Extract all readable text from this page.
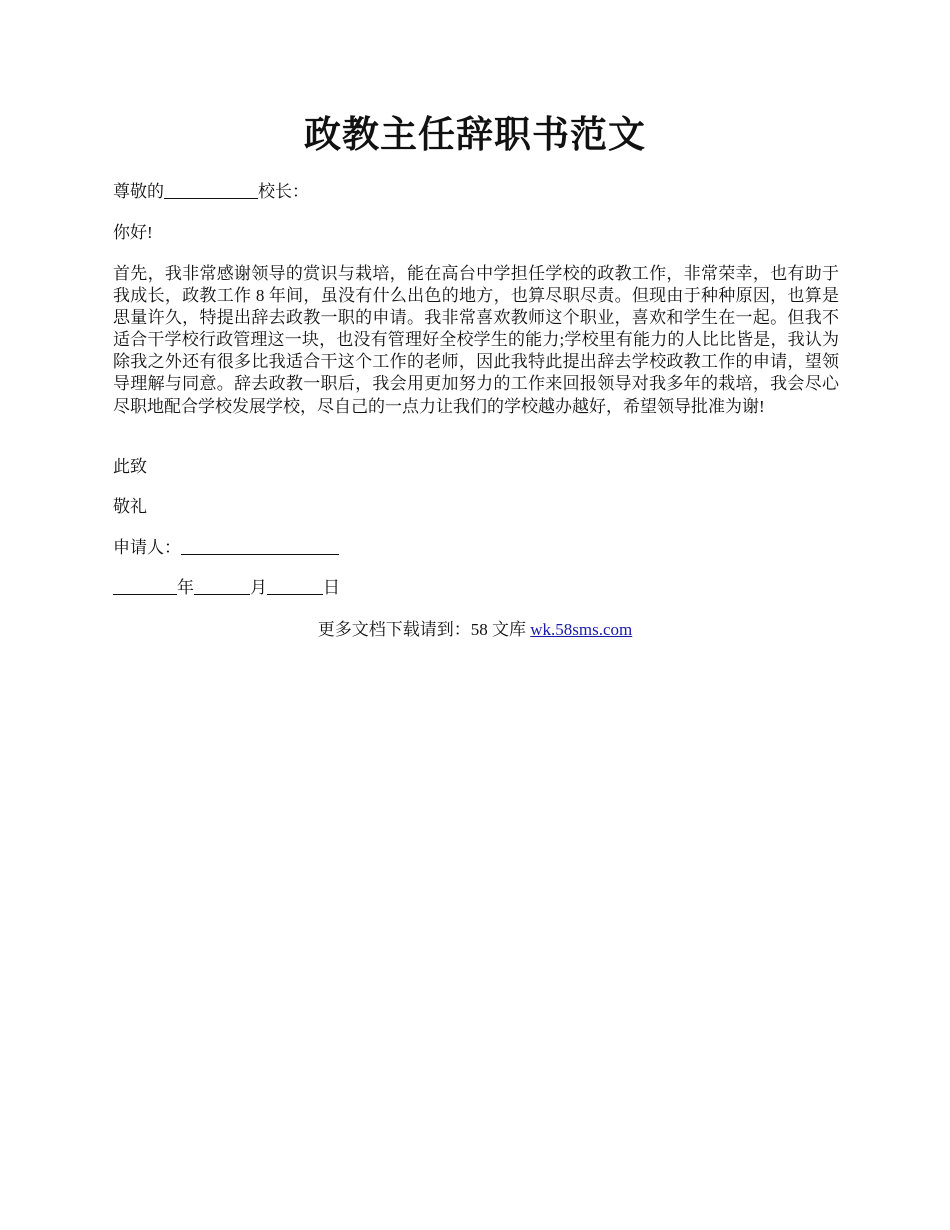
政教主任辞职书范文
尊敬的	校长：
你好!
首先，我非常感谢领导的赏识与栽培，能在高台中学担任学校的政教工作，非常荣幸，也有助于我成长，政教工作 8 年间，虽没有什么出色的地方，也算尽职尽责。但现由于种种原因，也算是思量许久，特提出辞去政教一职的申请。我非常喜欢教师这个职业，喜欢和学生在一起。但我不适合干学校行政管理这一块，也没有管理好全校学生的能力;学校里有能力的人比比皆是，我认为除我之外还有很多比我适合干这个工作的老师，因此我特此提出辞去学校政教工作的申请，望领导理解与同意。辞去政教一职后，我会用更加努力的工作来回报领导对我多年的栽培，我会尽心尽职地配合学校发展学校，尽自己的一点力让我们的学校越办越好，希望领导批准为谢!
此致
敬礼
申请人：
年	月	日
更多文档下载请到：58 文库 wk.58sms.com
